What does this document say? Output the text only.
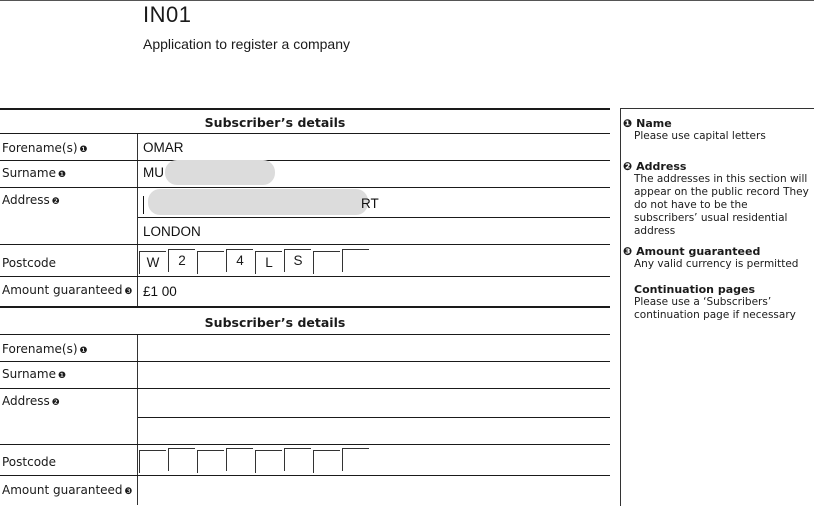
IN01
Application to register a company
Subscriber’s details
Forename(s) ❶	OMAR
Surname ❶	MU
Address ❷	RT
LONDON
Postcode	W	2	4	L	S
Amount guaranteed ❸ £1 00
Subscriber’s details
Forename(s) ❶
Surname ❶
Address ❷
Postcode
Amount guaranteed ❸
❶ Name
Please use capital letters
❷ Address
The addresses in this section will appear on the public record They do not have to be the subscribers’ usual residential address
❸ Amount guaranteed
Any valid currency is permitted
Continuation pages
Please use a ‘Subscribers’ continuation page if necessary
